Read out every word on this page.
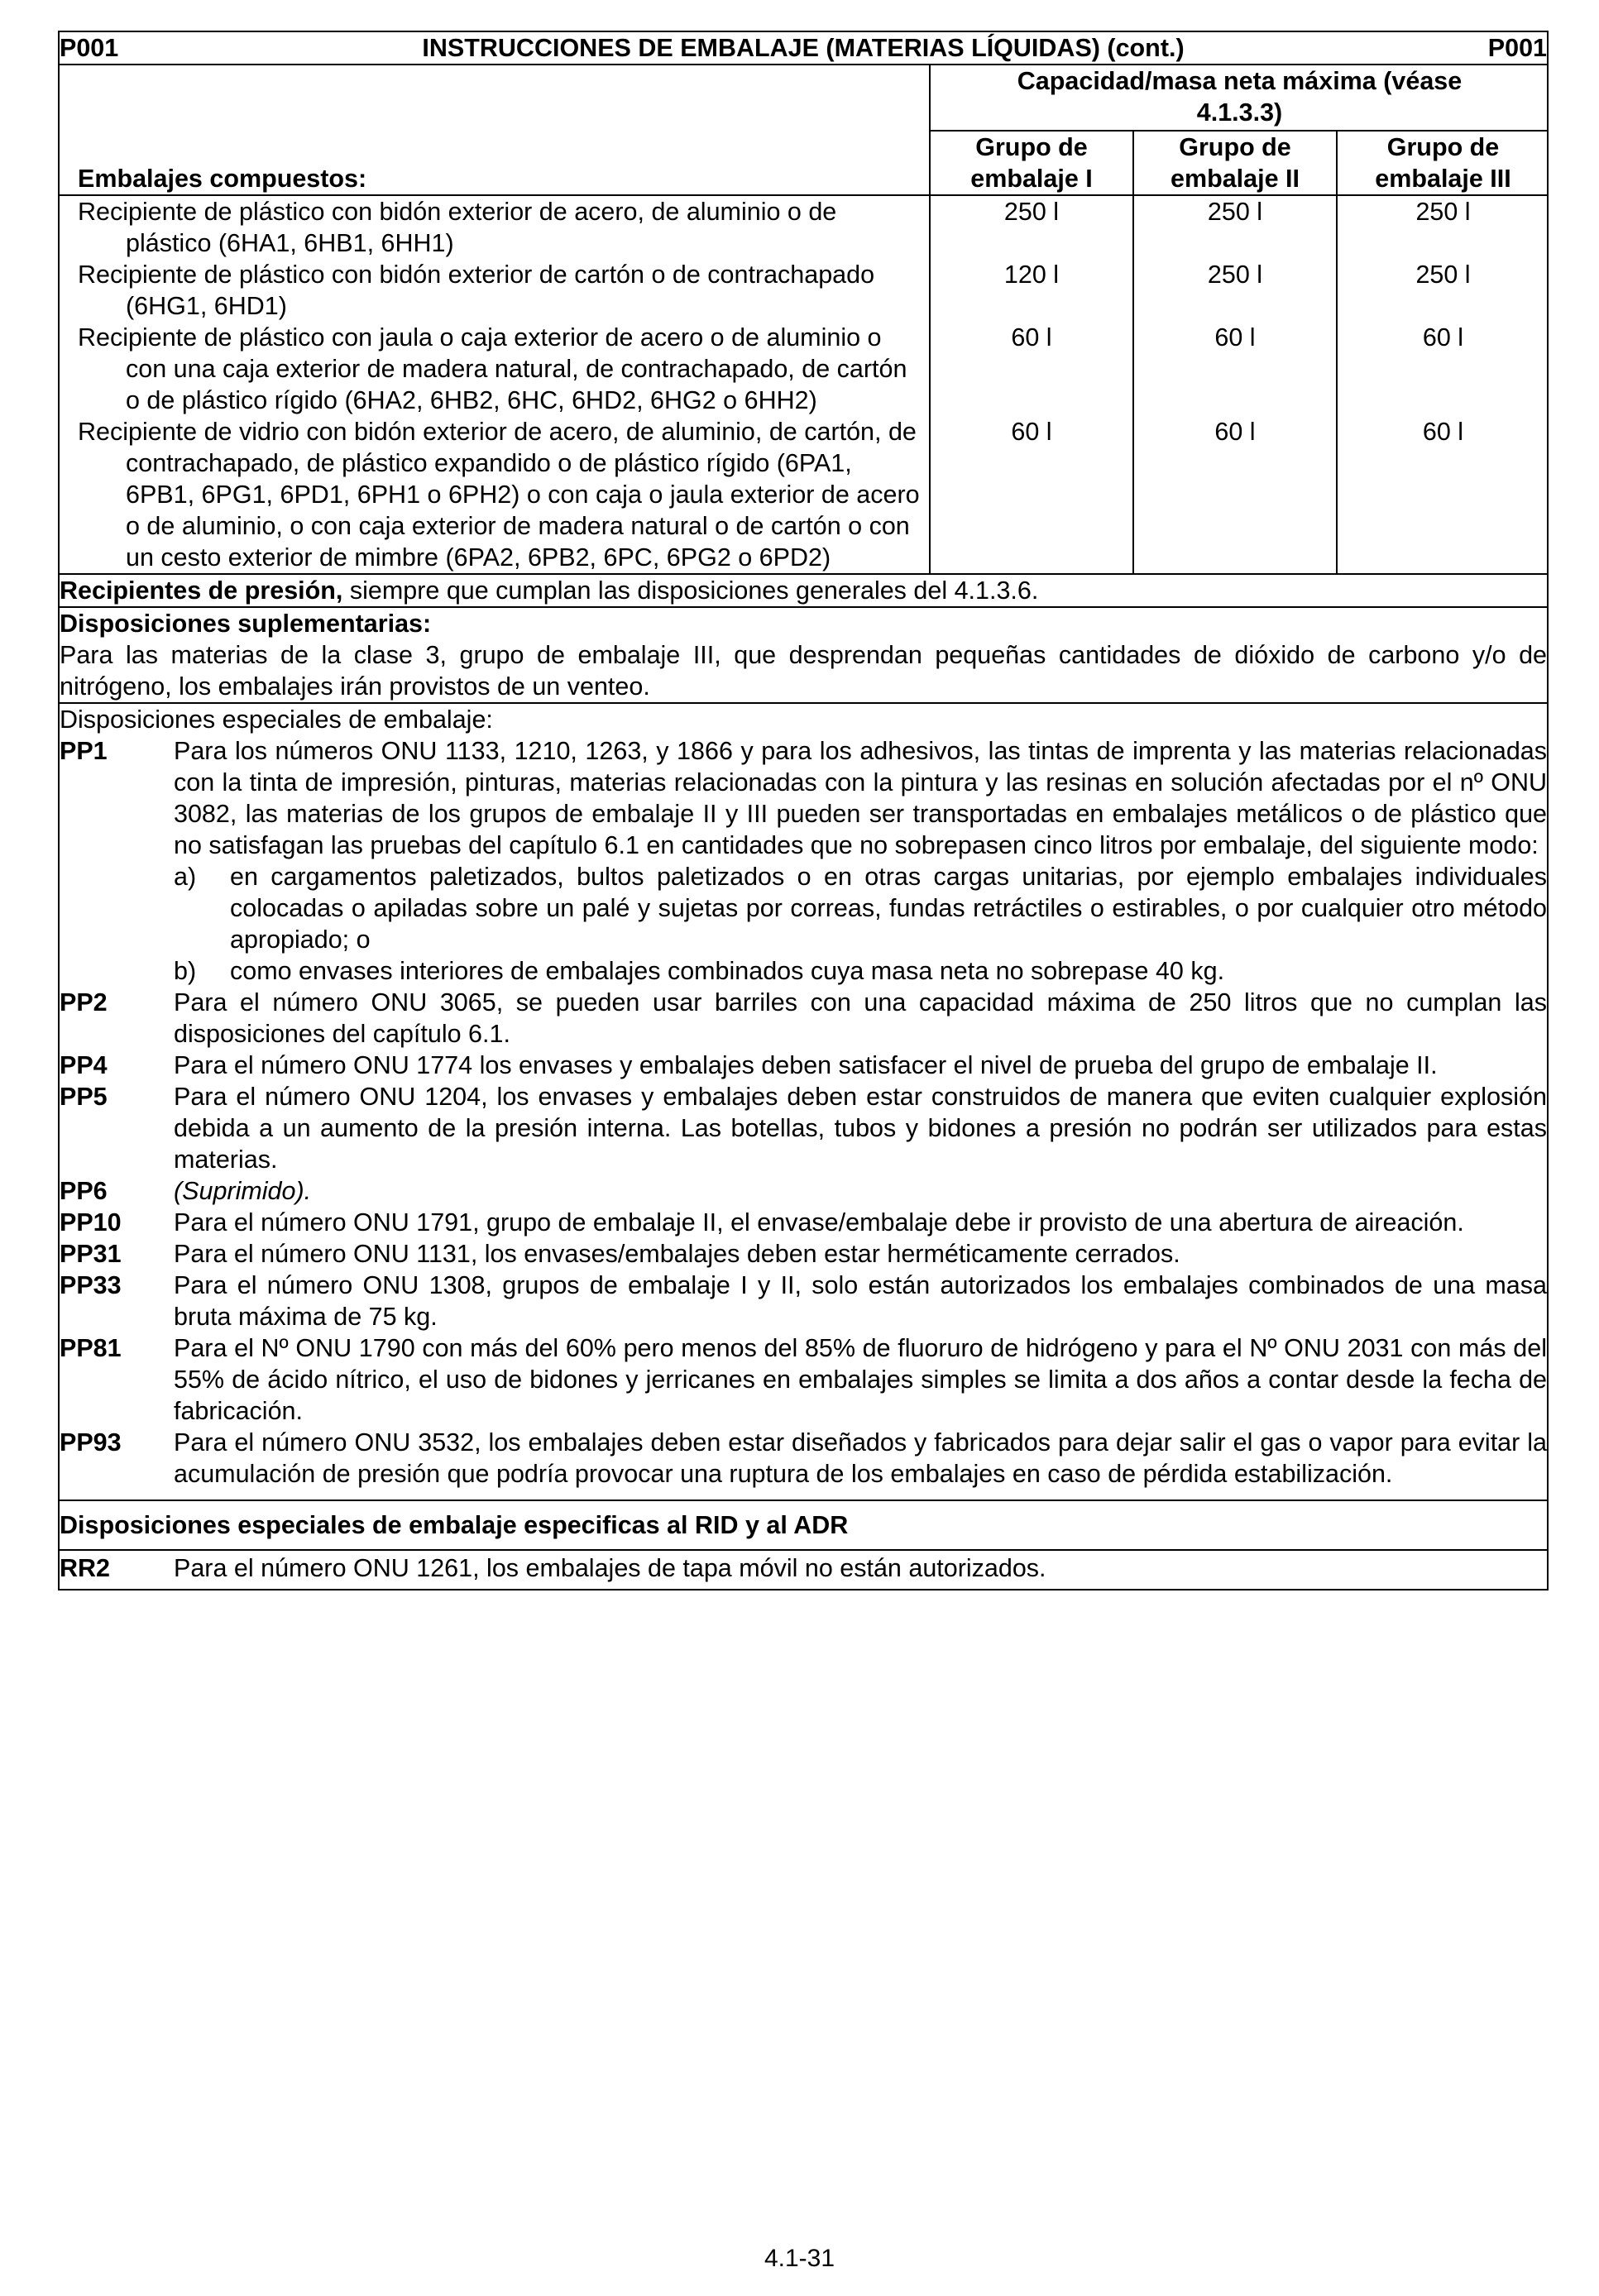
P001	INSTRUCCIONES DE EMBALAJE (MATERIAS LÍQUIDAS) (cont.)	P001

Embalajes compuestos:

Capacidad/masa neta máxima (véase 4.1.3.3)

Grupo de embalaje I	Grupo de embalaje II	Grupo de embalaje III

Recipiente de plástico con bidón exterior de acero, de aluminio o de plástico (6HA1, 6HB1, 6HH1)
	250 l	250 l	250 l

Recipiente de plástico con bidón exterior de cartón o de contrachapado (6HG1, 6HD1)
	120 l	250 l	250 l

Recipiente de plástico con jaula o caja exterior de acero o de aluminio o con una caja exterior de madera natural, de contrachapado, de cartón o de plástico rígido (6HA2, 6HB2, 6HC, 6HD2, 6HG2 o 6HH2)
	60 l	60 l	60 l

Recipiente de vidrio con bidón exterior de acero, de aluminio, de cartón, de contrachapado, de plástico expandido o de plástico rígido (6PA1, 6PB1, 6PG1, 6PD1, 6PH1 o 6PH2) o con caja o jaula exterior de acero o de aluminio, o con caja exterior de madera natural o de cartón o con un cesto exterior de mimbre (6PA2, 6PB2, 6PC, 6PG2 o 6PD2)
	60 l	60 l	60 l

Recipientes de presión, siempre que cumplan las disposiciones generales del 4.1.3.6.

Disposiciones suplementarias:
Para las materias de la clase 3, grupo de embalaje III, que desprendan pequeñas cantidades de dióxido de carbono y/o de nitrógeno, los embalajes irán provistos de un venteo.

Disposiciones especiales de embalaje:
PP1	Para los números ONU 1133, 1210, 1263, y 1866 y para los adhesivos, las tintas de imprenta y las materias relacionadas con la tinta de impresión, pinturas, materias relacionadas con la pintura y las resinas en solución afectadas por el nº ONU 3082, las materias de los grupos de embalaje II y III pueden ser transportadas en embalajes metálicos o de plástico que no satisfagan las pruebas del capítulo 6.1 en cantidades que no sobrepasen cinco litros por embalaje, del siguiente modo:
a)	en cargamentos paletizados, bultos paletizados o en otras cargas unitarias, por ejemplo embalajes individuales colocadas o apiladas sobre un palé y sujetas por correas, fundas retráctiles o estirables, o por cualquier otro método apropiado; o
b)	como envases interiores de embalajes combinados cuya masa neta no sobrepase 40 kg.
PP2	Para el número ONU 3065, se pueden usar barriles con una capacidad máxima de 250 litros que no cumplan las disposiciones del capítulo 6.1.
PP4	Para el número ONU 1774 los envases y embalajes deben satisfacer el nivel de prueba del grupo de embalaje II.
PP5	Para el número ONU 1204, los envases y embalajes deben estar construidos de manera que eviten cualquier explosión debida a un aumento de la presión interna. Las botellas, tubos y bidones a presión no podrán ser utilizados para estas materias.
PP6	(Suprimido).
PP10	Para el número ONU 1791, grupo de embalaje II, el envase/embalaje debe ir provisto de una abertura de aireación.
PP31	Para el número ONU 1131, los envases/embalajes deben estar herméticamente cerrados.
PP33	Para el número ONU 1308, grupos de embalaje I y II, solo están autorizados los embalajes combinados de una masa bruta máxima de 75 kg.
PP81	Para el Nº ONU 1790 con más del 60% pero menos del 85% de fluoruro de hidrógeno y para el Nº ONU 2031 con más del 55% de ácido nítrico, el uso de bidones y jerricanes en embalajes simples se limita a dos años a contar desde la fecha de fabricación.
PP93	Para el número ONU 3532, los embalajes deben estar diseñados y fabricados para dejar salir el gas o vapor para evitar la acumulación de presión que podría provocar una ruptura de los embalajes en caso de pérdida estabilización.

Disposiciones especiales de embalaje especificas al RID y al ADR

RR2	Para el número ONU 1261, los embalajes de tapa móvil no están autorizados.
4.1-31
